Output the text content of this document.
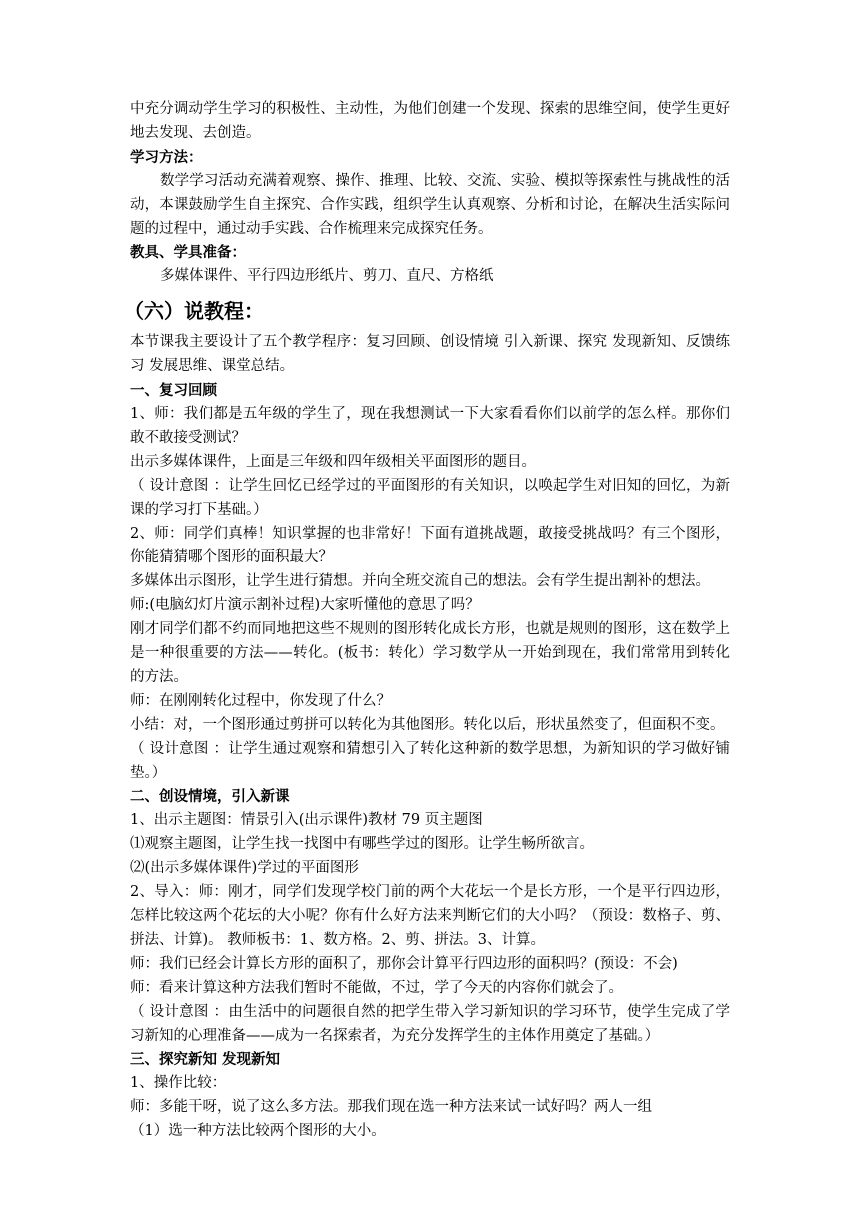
中充分调动学生学习的积极性、主动性，为他们创建一个发现、探索的思维空间，使学生更好地去发现、去创造。

学习方法：

数学学习活动充满着观察、操作、推理、比较、交流、实验、模拟等探索性与挑战性的活动，本课鼓励学生自主探究、合作实践，组织学生认真观察、分析和讨论，在解决生活实际问题的过程中，通过动手实践、合作梳理来完成探究任务。

教具、学具准备：

多媒体课件、平行四边形纸片、剪刀、直尺、方格纸

（六）说教程：

本节课我主要设计了五个教学程序：复习回顾、创设情境 引入新课、探究 发现新知、反馈练习 发展思维、课堂总结。

一、复习回顾

1、师：我们都是五年级的学生了，现在我想测试一下大家看看你们以前学的怎么样。那你们敢不敢接受测试？

出示多媒体课件，上面是三年级和四年级相关平面图形的题目。

（ 设计意图 ：让学生回忆已经学过的平面图形的有关知识，以唤起学生对旧知的回忆，为新课的学习打下基础。）

2、师：同学们真棒！知识掌握的也非常好！下面有道挑战题，敢接受挑战吗？有三个图形，你能猜猜哪个图形的面积最大？

多媒体出示图形，让学生进行猜想。并向全班交流自己的想法。会有学生提出割补的想法。

师:(电脑幻灯片演示割补过程)大家听懂他的意思了吗？

刚才同学们都不约而同地把这些不规则的图形转化成长方形，也就是规则的图形，这在数学上是一种很重要的方法——转化。(板书：转化）学习数学从一开始到现在，我们常常用到转化的方法。

师：在刚刚转化过程中，你发现了什么？

小结：对，一个图形通过剪拼可以转化为其他图形。转化以后，形状虽然变了，但面积不变。

（ 设计意图 ：让学生通过观察和猜想引入了转化这种新的数学思想，为新知识的学习做好铺垫。）

二、创设情境，引入新课

1、出示主题图：情景引入(出示课件)教材 79 页主题图

⑴观察主题图，让学生找一找图中有哪些学过的图形。让学生畅所欲言。

⑵(出示多媒体课件)学过的平面图形

2、导入：师：刚才，同学们发现学校门前的两个大花坛一个是长方形，一个是平行四边形，怎样比较这两个花坛的大小呢？你有什么好方法来判断它们的大小吗？（预设：数格子、剪、拼法、计算)。 教师板书：1、数方格。2、剪、拼法。3、计算。

师：我们已经会计算长方形的面积了，那你会计算平行四边形的面积吗？(预设：不会)

师：看来计算这种方法我们暂时不能做，不过，学了今天的内容你们就会了。

（ 设计意图 ：由生活中的问题很自然的把学生带入学习新知识的学习环节，使学生完成了学习新知的心理准备——成为一名探索者，为充分发挥学生的主体作用奠定了基础。）

三、探究新知 发现新知

1、操作比较：

师：多能干呀，说了这么多方法。那我们现在选一种方法来试一试好吗？两人一组

（1）选一种方法比较两个图形的大小。
